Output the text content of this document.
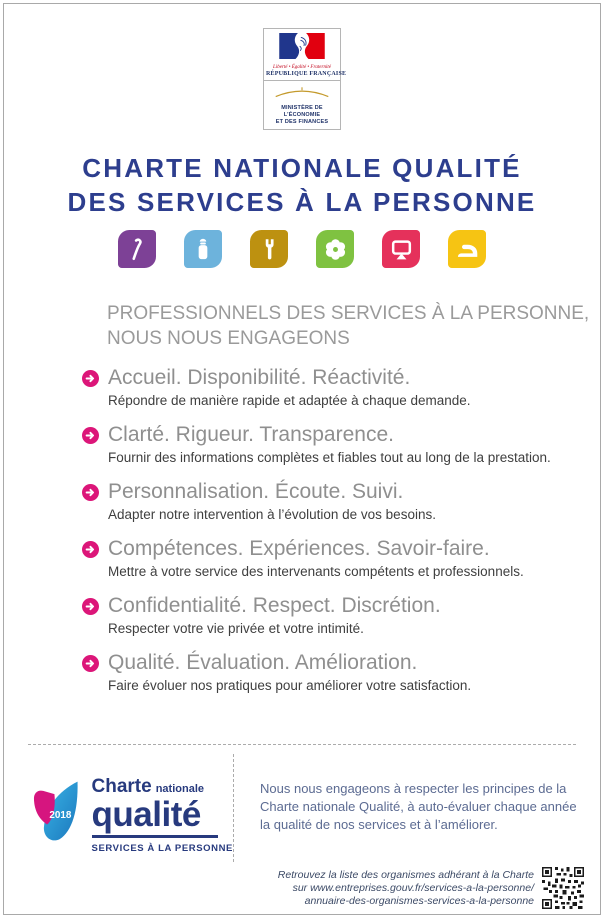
Liberté • Égalité • Fraternité
RÉPUBLIQUE FRANÇAISE
MINISTÈRE DE L’ÉCONOMIE
ET DES FINANCES
CHARTE NATIONALE QUALITÉ
DES SERVICES À LA PERSONNE
PROFESSIONNELS DES SERVICES À LA PERSONNE,
NOUS NOUS ENGAGEONS
Accueil. Disponibilité. Réactivité.
Répondre de manière rapide et adaptée à chaque demande.
Clarté. Rigueur. Transparence.
Fournir des informations complètes et fiables tout au long de la prestation.
Personnalisation. Écoute. Suivi.
Adapter notre intervention à l’évolution de vos besoins.
Compétences. Expériences. Savoir-faire.
Mettre à votre service des intervenants compétents et professionnels.
Confidentialité. Respect. Discrétion.
Respecter votre vie privée et votre intimité.
Qualité. Évaluation. Amélioration.
Faire évoluer nos pratiques pour améliorer votre satisfaction.
2018
Charte nationale
qualité
SERVICES À LA PERSONNE

Nous nous engageons à respecter les principes de la Charte nationale Qualité, à auto-évaluer chaque année la qualité de nos services et à l’améliorer.

Retrouvez la liste des organismes adhérant à la Charte
sur www.entreprises.gouv.fr/services-a-la-personne/
annuaire-des-organismes-services-a-la-personne
